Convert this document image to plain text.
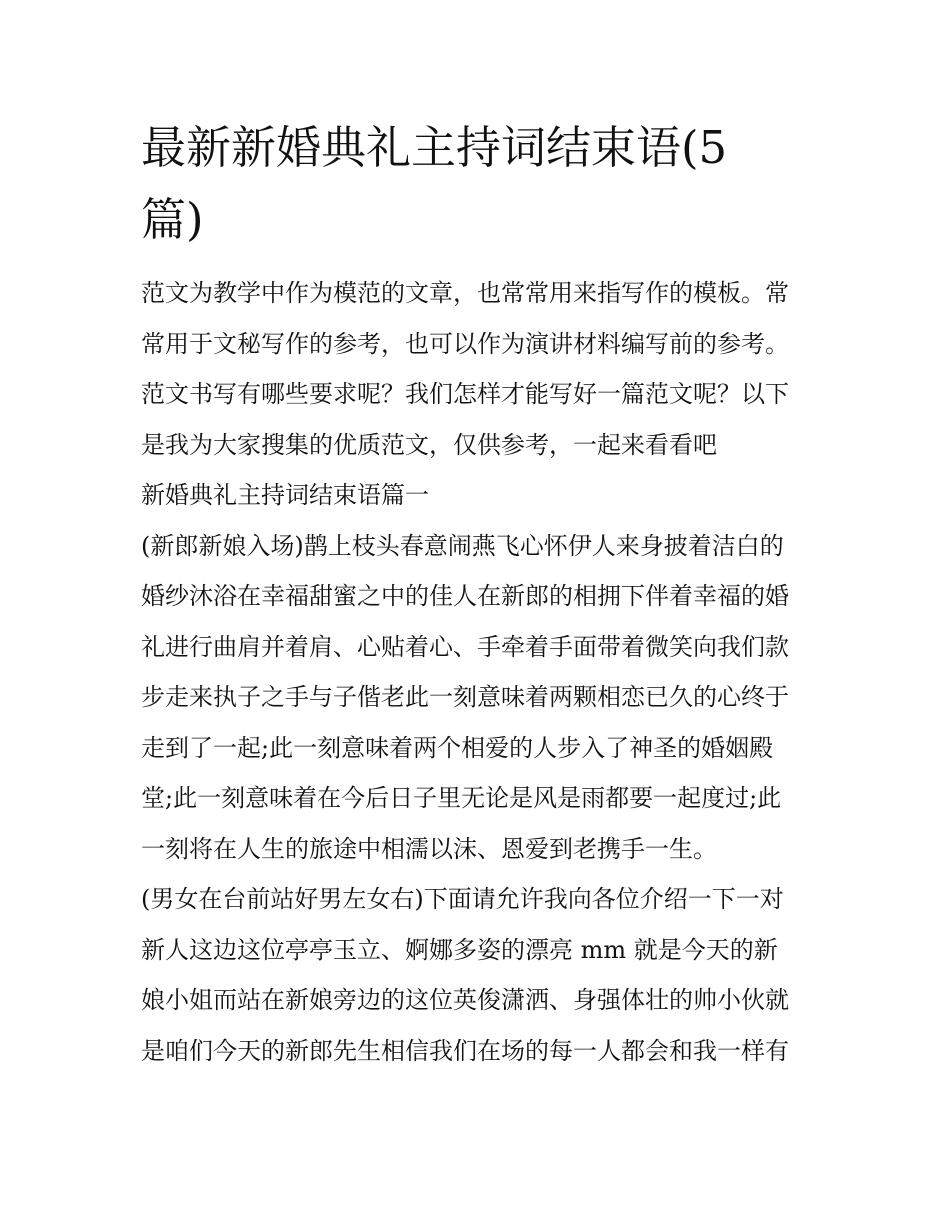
最新新婚典礼主持词结束语(5
篇)
范文为教学中作为模范的文章，也常常用来指写作的模板。常
常用于文秘写作的参考，也可以作为演讲材料编写前的参考。
范文书写有哪些要求呢？我们怎样才能写好一篇范文呢？以下
是我为大家搜集的优质范文，仅供参考，一起来看看吧
新婚典礼主持词结束语篇一
(新郎新娘入场)鹊上枝头春意闹燕飞心怀伊人来身披着洁白的
婚纱沐浴在幸福甜蜜之中的佳人在新郎的相拥下伴着幸福的婚
礼进行曲肩并着肩、心贴着心、手牵着手面带着微笑向我们款
步走来执子之手与子偕老此一刻意味着两颗相恋已久的心终于
走到了一起;此一刻意味着两个相爱的人步入了神圣的婚姻殿
堂;此一刻意味着在今后日子里无论是风是雨都要一起度过;此
一刻将在人生的旅途中相濡以沫、恩爱到老携手一生。
(男女在台前站好男左女右)下面请允许我向各位介绍一下一对
新人这边这位亭亭玉立、婀娜多姿的漂亮 mm 就是今天的新
娘小姐而站在新娘旁边的这位英俊潇洒、身强体壮的帅小伙就
是咱们今天的新郎先生相信我们在场的每一人都会和我一样有
